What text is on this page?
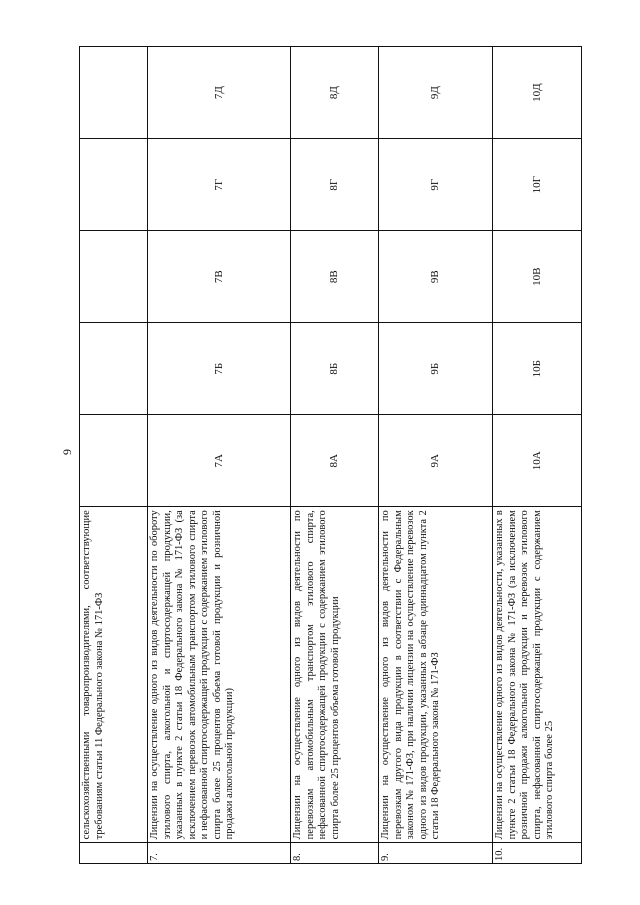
9
	сельскохозяйственными товаропроизводителями, соответствующие требованиям статьи 11 Федерального закона № 171-ФЗ					
7.	Лицензии на осуществление одного из видов деятельности по обороту этилового спирта, алкогольной и спиртосодержащей продукции, указанных в пункте 2 статьи 18 Федерального закона № 171-ФЗ (за исключением перевозок автомобильным транспортом этилового спирта и нефасованной спиртосодержащей продукции с содержанием этилового спирта более 25 процентов объема готовой продукции и розничной продажи алкогольной продукции)	7А	7Б	7В	7Г	7Д
8.	Лицензии на осуществление одного из видов деятельности по перевозкам автомобильным транспортом этилового спирта, нефасованной спиртосодержащей продукции с содержанием этилового спирта более 25 процентов объема готовой продукции	8А	8Б	8В	8Г	8Д
9.	Лицензии на осуществление одного из видов деятельности по перевозкам другого вида продукции в соответствии с Федеральным законом № 171-ФЗ, при наличии лицензии на осуществление перевозок одного из видов продукции, указанных в абзаце одиннадцатом пункта 2 статьи 18 Федерального закона № 171-ФЗ	9А	9Б	9В	9Г	9Д
10.	Лицензии на осуществление одного из видов деятельности, указанных в пункте 2 статьи 18 Федерального закона № 171-ФЗ (за исключением розничной продажи алкогольной продукции и перевозок этилового спирта, нефасованной спиртосодержащей продукции с содержанием этилового спирта более 25	10А	10Б	10В	10Г	10Д
